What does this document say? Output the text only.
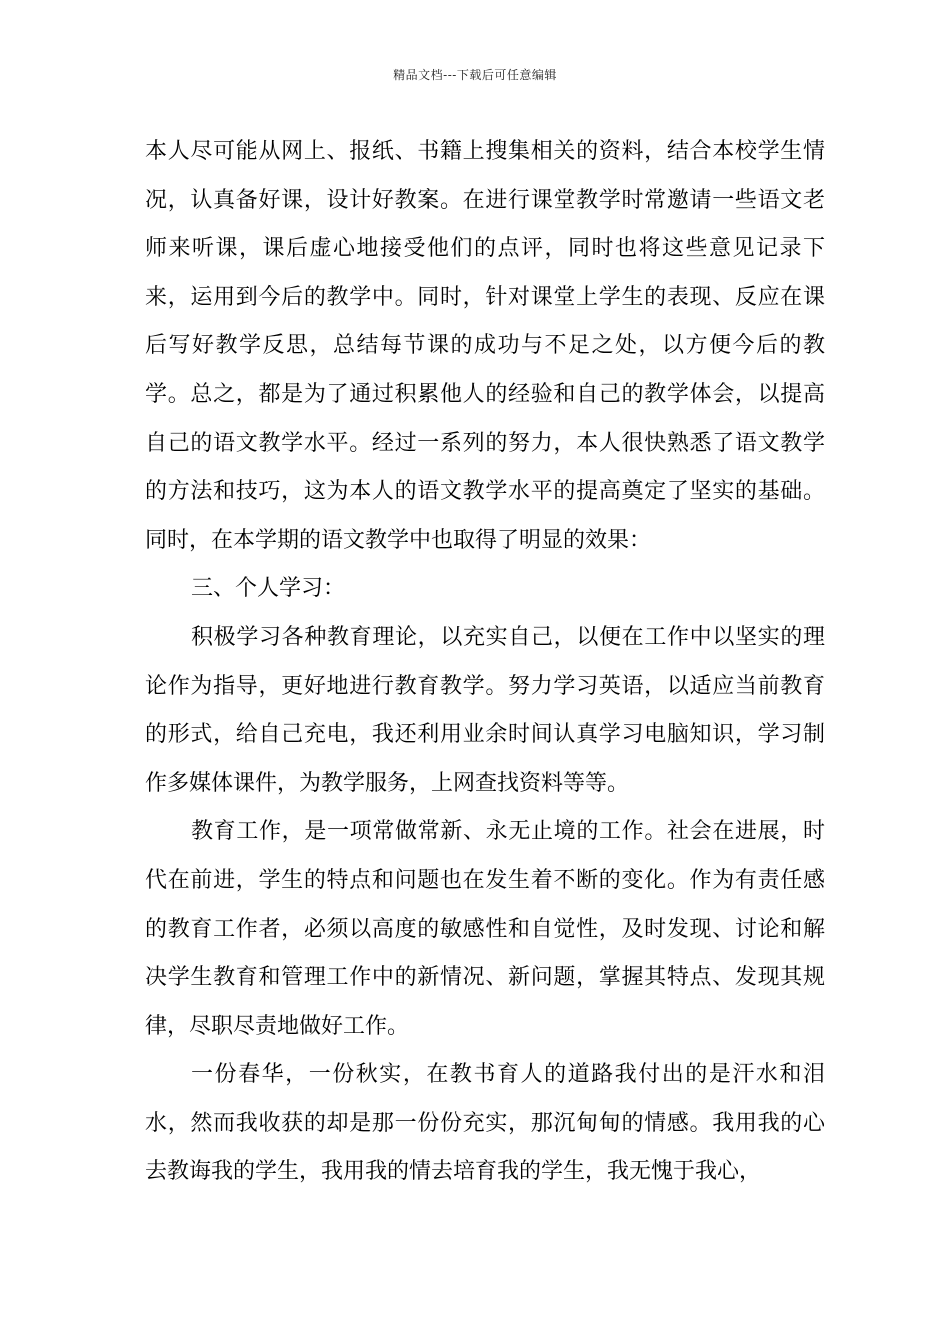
精品文档---下载后可任意编辑

本人尽可能从网上、报纸、书籍上搜集相关的资料，结合本校学生情况，认真备好课，设计好教案。在进行课堂教学时常邀请一些语文老师来听课，课后虚心地接受他们的点评，同时也将这些意见记录下来，运用到今后的教学中。同时，针对课堂上学生的表现、反应在课后写好教学反思，总结每节课的成功与不足之处，以方便今后的教学。总之，都是为了通过积累他人的经验和自己的教学体会，以提高自己的语文教学水平。经过一系列的努力，本人很快熟悉了语文教学的方法和技巧，这为本人的语文教学水平的提高奠定了坚实的基础。同时，在本学期的语文教学中也取得了明显的效果：

三、个人学习：

积极学习各种教育理论，以充实自己，以便在工作中以坚实的理论作为指导，更好地进行教育教学。努力学习英语，以适应当前教育的形式，给自己充电，我还利用业余时间认真学习电脑知识，学习制作多媒体课件，为教学服务，上网查找资料等等。

教育工作，是一项常做常新、永无止境的工作。社会在进展，时代在前进，学生的特点和问题也在发生着不断的变化。作为有责任感的教育工作者，必须以高度的敏感性和自觉性，及时发现、讨论和解决学生教育和管理工作中的新情况、新问题，掌握其特点、发现其规律，尽职尽责地做好工作。

一份春华，一份秋实，在教书育人的道路我付出的是汗水和泪水，然而我收获的却是那一份份充实，那沉甸甸的情感。我用我的心去教诲我的学生，我用我的情去培育我的学生，我无愧于我心，
